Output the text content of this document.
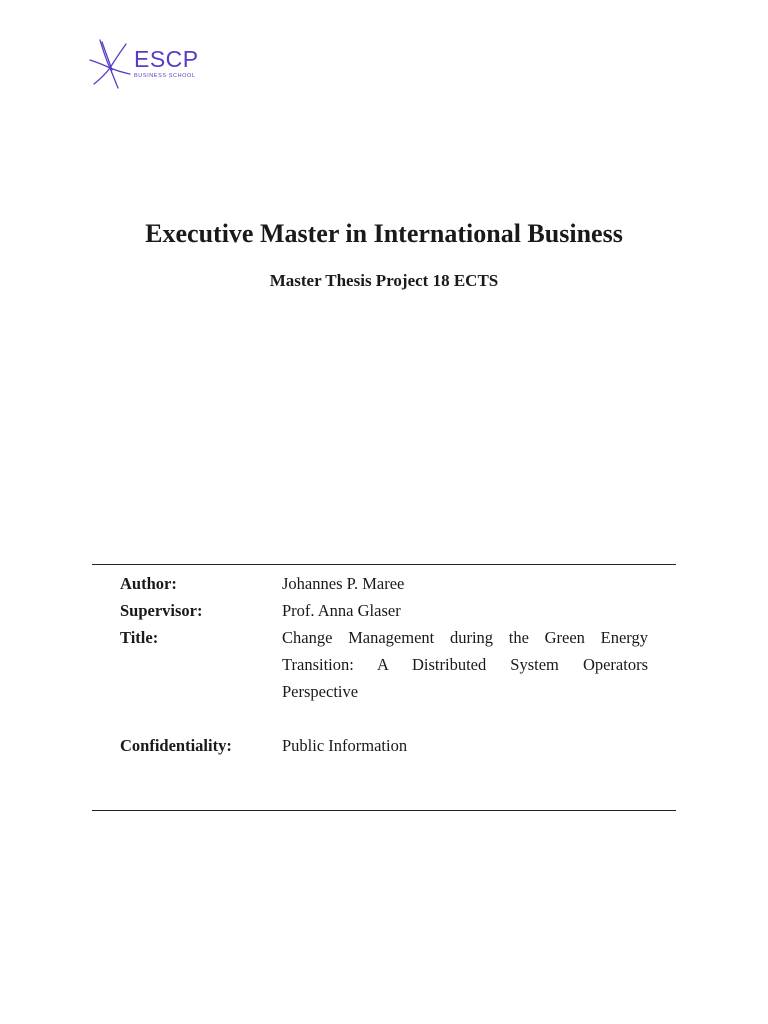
ESCP
BUSINESS SCHOOL
Executive Master in International Business
Master Thesis Project 18 ECTS
Author:	Johannes P. Maree
Supervisor:	Prof. Anna Glaser
Title:	Change Management during the Green Energy Transition: A Distributed System Operators Perspective
Confidentiality:	Public Information
